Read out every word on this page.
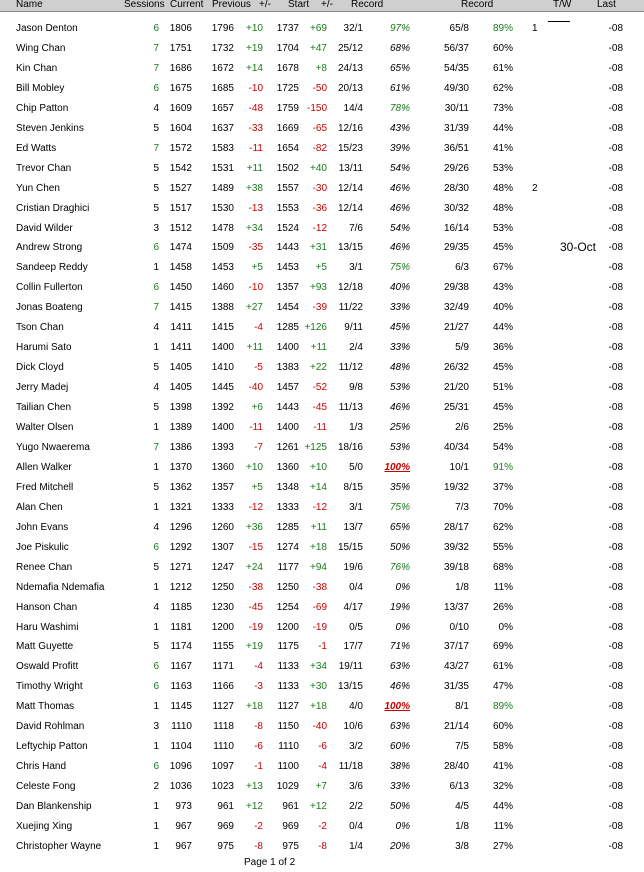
Name	Sessions Current Previous +/- Start +/- Record	Record	T/W	Last
Jason Denton	6	1806	1796	+10	1737	+69	32/1	97%	65/8	89% 1	-08
Wing Chan	7	1751	1732	+19	1704	+47	25/12	68%	56/37	60%	-08
Kin Chan	7	1686	1672	+14	1678	+8	24/13	65%	54/35	61%	-08
Bill Mobley	6	1675	1685	-10	1725	-50	20/13	61%	49/30	62%	-08
Chip Patton	4	1609	1657	-48	1759 -150	14/4	78%	30/11	73%	-08
Steven Jenkins	5	1604	1637	-33	1669	-65	12/16	43%	31/39	44%	-08
Ed Watts	7	1572	1583	-11	1654	-82	15/23	39%	36/51	41%	-08
Trevor Chan	5	1542	1531	+11	1502	+40	13/11	54%	29/26	53%	-08
Yun Chen	5	1527	1489	+38	1557	-30	12/14	46%	28/30	48% 2	-08
Cristian Draghici	5	1517	1530	-13	1553	-36	12/14	46%	30/32	48%	-08
David Wilder	3	1512	1478	+34	1524	-12	7/6	54%	16/14	53%	-08
Andrew Strong	6	1474	1509	-35	1443	+31	13/15	46%	29/35	45%	-08
Sandeep Reddy	1	1458	1453	+5	1453	+5	3/1	75%	6/3	67%	-08
Collin Fullerton	6	1450	1460	-10	1357	+93	12/18	40%	29/38	43%	-08
Jonas Boateng	7	1415	1388	+27	1454	-39	11/22	33%	32/49	40%	-08
Tson Chan	4	1411	1415	-4	1285 +126	9/11	45%	21/27	44%	-08
Harumi Sato	1	1411	1400	+11	1400	+11	2/4	33%	5/9	36%	-08
Dick Cloyd	5	1405	1410	-5	1383	+22	11/12	48%	26/32	45%	-08
Jerry Madej	4	1405	1445	-40	1457	-52	9/8	53%	21/20	51%	-08
Tailian Chen	5	1398	1392	+6	1443	-45	11/13	46%	25/31	45%	-08
Walter Olsen	1	1389	1400	-11	1400	-11	1/3	25%	2/6	25%	-08
Yugo Nwaerema	7	1386	1393	-7	1261 +125	18/16	53%	40/34	54%	-08
Allen Walker	1	1370	1360	+10	1360	+10	5/0	100%	10/1	91%	-08
Fred Mitchell	5	1362	1357	+5	1348	+14	8/15	35%	19/32	37%	-08
Alan Chen	1	1321	1333	-12	1333	-12	3/1	75%	7/3	70%	-08
John Evans	4	1296	1260	+36	1285	+11	13/7	65%	28/17	62%	-08
Joe Piskulic	6	1292	1307	-15	1274	+18	15/15	50%	39/32	55%	-08
Renee Chan	5	1271	1247	+24	1177	+94	19/6	76%	39/18	68%	-08
Ndemafia Ndemafia	1	1212	1250	-38	1250	-38	0/4	0%	1/8	11%	-08
Hanson Chan	4	1185	1230	-45	1254	-69	4/17	19%	13/37	26%	-08
Haru Washimi	1	1181	1200	-19	1200	-19	0/5	0%	0/10	0%	-08
Matt Guyette	5	1174	1155	+19	1175	-1	17/7	71%	37/17	69%	-08
Oswald Profitt	6	1167	1171	-4	1133	+34	19/11	63%	43/27	61%	-08
Timothy Wright	6	1163	1166	-3	1133	+30	13/15	46%	31/35	47%	-08
Matt Thomas	1	1145	1127	+18	1127	+18	4/0	100%	8/1	89%	-08
David Rohlman	3	1110	1118	-8	1150	-40	10/6	63%	21/14	60%	-08
Leftychip Patton	1	1104	1110	-6	1110	-6	3/2	60%	7/5	58%	-08
Chris Hand	6	1096	1097	-1	1100	-4	11/18	38%	28/40	41%	-08
Celeste Fong	2	1036	1023	+13	1029	+7	3/6	33%	6/13	32%	-08
Dan Blankenship	1	973	961	+12	961	+12	2/2	50%	4/5	44%	-08
Xuejing Xing	1	967	969	-2	969	-2	0/4	0%	1/8	11%	-08
Christopher Wayne	1	967	975	-8	975	-8	1/4	20%	3/8	27%	-08
30-Oct
Page 1 of 2
